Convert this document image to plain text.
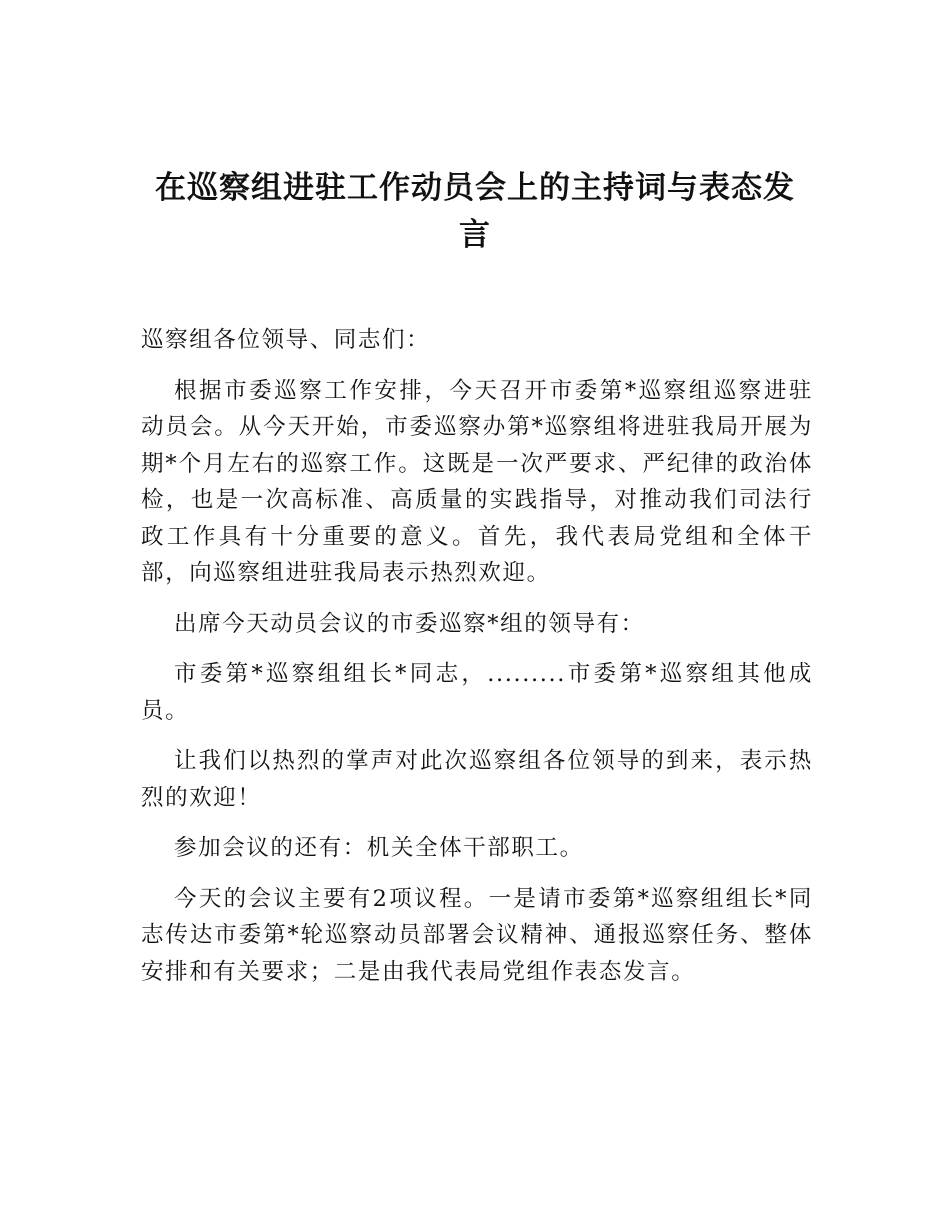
在巡察组进驻工作动员会上的主持词与表态发言

巡察组各位领导、同志们：

根据市委巡察工作安排，今天召开市委第*巡察组巡察进驻动员会。从今天开始，市委巡察办第*巡察组将进驻我局开展为期*个月左右的巡察工作。这既是一次严要求、严纪律的政治体检，也是一次高标准、高质量的实践指导，对推动我们司法行政工作具有十分重要的意义。首先，我代表局党组和全体干部，向巡察组进驻我局表示热烈欢迎。

出席今天动员会议的市委巡察*组的领导有：

市委第*巡察组组长*同志，.........市委第*巡察组其他成员。

让我们以热烈的掌声对此次巡察组各位领导的到来，表示热烈的欢迎！

参加会议的还有：机关全体干部职工。

今天的会议主要有2项议程。一是请市委第*巡察组组长*同志传达市委第*轮巡察动员部署会议精神、通报巡察任务、整体安排和有关要求；二是由我代表局党组作表态发言。
